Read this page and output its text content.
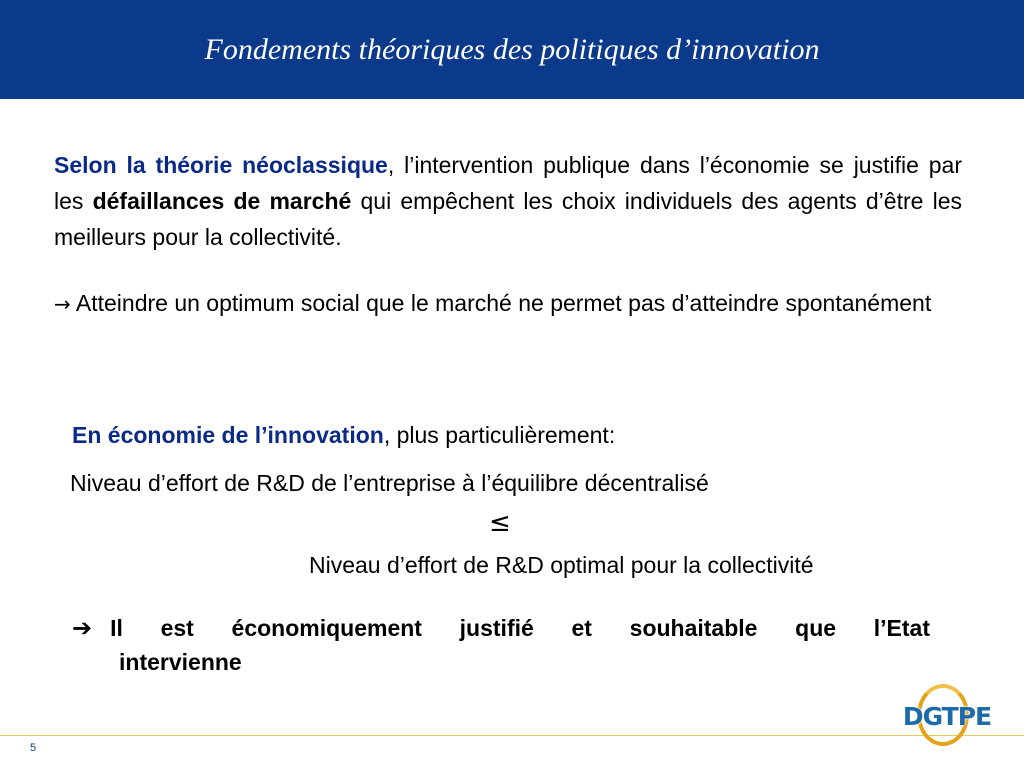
Fondements théoriques des politiques d’innovation
Selon la théorie néoclassique, l’intervention publique dans l’économie se justifie par les défaillances de marché qui empêchent les choix individuels des agents d’être les meilleurs pour la collectivité.
→ Atteindre un optimum social que le marché ne permet pas d’atteindre spontanément
En économie de l’innovation, plus particulièrement:
Niveau d’effort de R&D de l’entreprise à l’équilibre décentralisé
≤
Niveau d’effort de R&D optimal pour la collectivité
➔ Il est économiquement justifié et souhaitable que l’Etat
intervienne
5
DGTPE
